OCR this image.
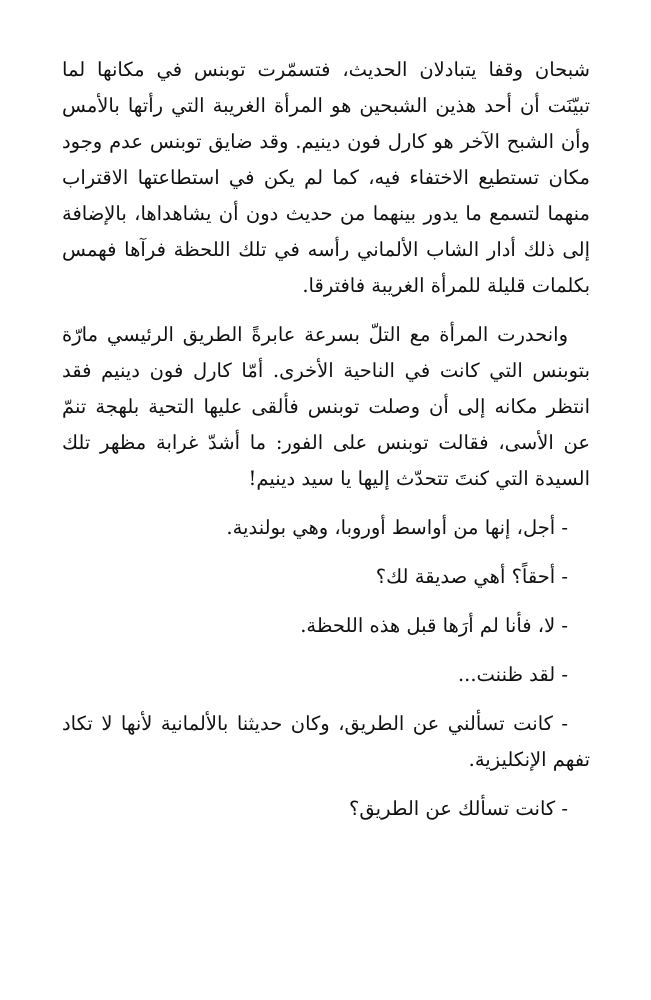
شبحان وقفا يتبادلان الحديث، فتسمّرت توبنس في مكانها لما تبيّنَت أن أحد هذين الشبحين هو المرأة الغريبة التي رأتها بالأمس وأن الشبح الآخر هو كارل فون دينيم. وقد ضايق توبنس عدم وجود مكان تستطيع الاختفاء فيه، كما لم يكن في استطاعتها الاقتراب منهما لتسمع ما يدور بينهما من حديث دون أن يشاهداها، بالإضافة إلى ذلك أدار الشاب الألماني رأسه في تلك اللحظة فرآها فهمس بكلمات قليلة للمرأة الغريبة فافترقا.

وانحدرت المرأة مع التلّ بسرعة عابرةً الطريق الرئيسي مارّة بتوبنس التي كانت في الناحية الأخرى. أمّا كارل فون دينيم فقد انتظر مكانه إلى أن وصلت توبنس فألقى عليها التحية بلهجة تنمّ عن الأسى، فقالت توبنس على الفور: ما أشدّ غرابة مظهر تلك السيدة التي كنتَ تتحدّث إليها يا سيد دينيم!

- أجل، إنها من أواسط أوروبا، وهي بولندية.

- أحقاً؟ أهي صديقة لك؟

- لا، فأنا لم أرَها قبل هذه اللحظة.

- لقد ظننت...

- كانت تسألني عن الطريق، وكان حديثنا بالألمانية لأنها لا تكاد تفهم الإنكليزية.

- كانت تسألك عن الطريق؟
